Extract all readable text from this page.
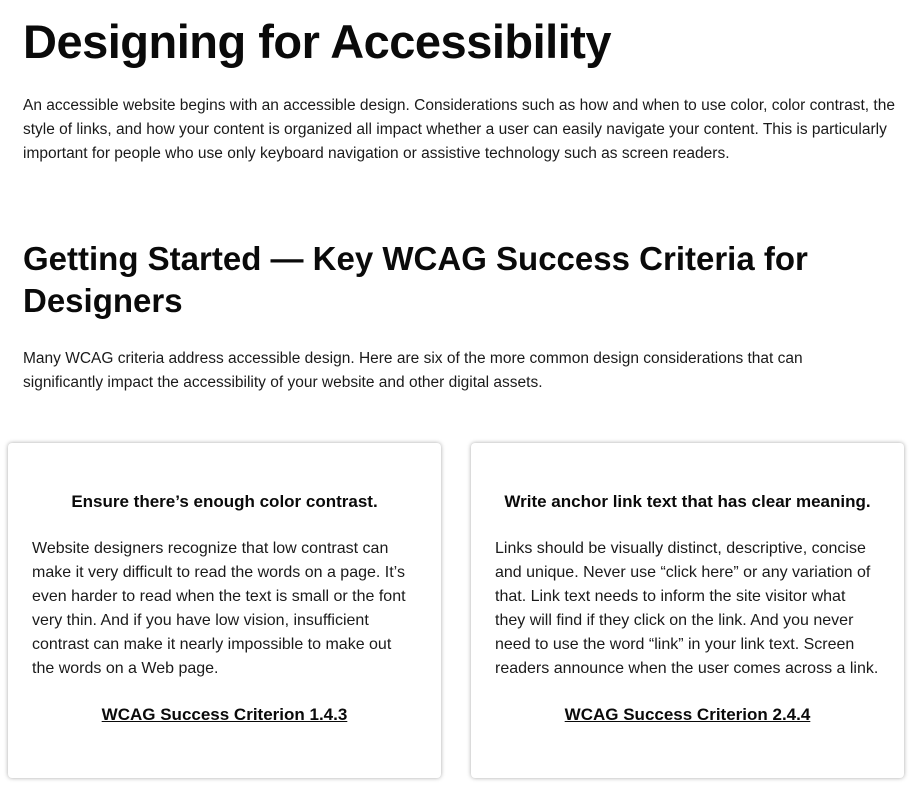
Designing for Accessibility

An accessible website begins with an accessible design. Considerations such as how and when to use color, color contrast, the style of links, and how your content is organized all impact whether a user can easily navigate your content. This is particularly important for people who use only keyboard navigation or assistive technology such as screen readers.

Getting Started — Key WCAG Success Criteria for Designers

Many WCAG criteria address accessible design. Here are six of the more common design considerations that can significantly impact the accessibility of your website and other digital assets.

Ensure there’s enough color contrast.

Website designers recognize that low contrast can make it very difficult to read the words on a page. It’s even harder to read when the text is small or the font very thin. And if you have low vision, insufficient contrast can make it nearly impossible to make out the words on a Web page.

WCAG Success Criterion 1.4.3
Write anchor link text that has clear meaning.

Links should be visually distinct, descriptive, concise and unique. Never use “click here” or any variation of that. Link text needs to inform the site visitor what they will find if they click on the link. And you never need to use the word “link” in your link text. Screen readers announce when the user comes across a link.

WCAG Success Criterion 2.4.4
